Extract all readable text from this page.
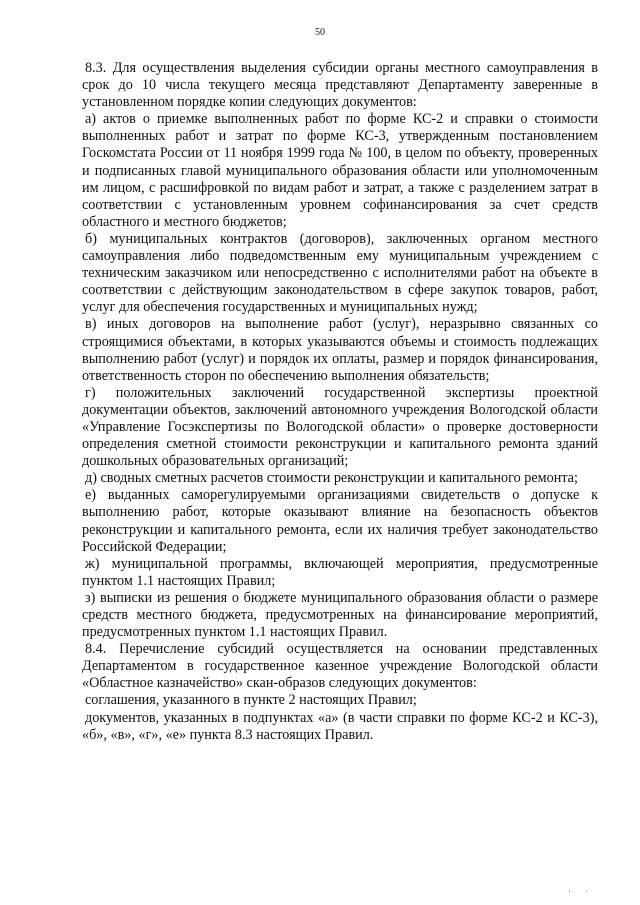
50

8.3. Для осуществления выделения субсидии органы местного самоуправления в срок до 10 числа текущего месяца представляют Департаменту заверенные в установленном порядке копии следующих документов:

а) актов о приемке выполненных работ по форме КС-2 и справки о стоимости выполненных работ и затрат по форме КС-3, утвержденным постановлением Госкомстата России от 11 ноября 1999 года № 100, в целом по объекту, проверенных и подписанных главой муниципального образования области или уполномоченным им лицом, с расшифровкой по видам работ и затрат, а также с разделением затрат в соответствии с установленным уровнем софинансирования за счет средств областного и местного бюджетов;

б) муниципальных контрактов (договоров), заключенных органом местного самоуправления либо подведомственным ему муниципальным учреждением с техническим заказчиком или непосредственно с исполнителями работ на объекте в соответствии с действующим законодательством в сфере закупок товаров, работ, услуг для обеспечения государственных и муниципальных нужд;

в) иных договоров на выполнение работ (услуг), неразрывно связанных со строящимися объектами, в которых указываются объемы и стоимость подлежащих выполнению работ (услуг) и порядок их оплаты, размер и порядок финансирования, ответственность сторон по обеспечению выполнения обязательств;

г) положительных заключений государственной экспертизы проектной документации объектов, заключений автономного учреждения Вологодской области «Управление Госэкспертизы по Вологодской области» о проверке достоверности определения сметной стоимости реконструкции и капитального ремонта зданий дошкольных образовательных организаций;

д) сводных сметных расчетов стоимости реконструкции и капитального ремонта;

е) выданных саморегулируемыми организациями свидетельств о допуске к выполнению работ, которые оказывают влияние на безопасность объектов реконструкции и капитального ремонта, если их наличия требует законодательство Российской Федерации;

ж) муниципальной программы, включающей мероприятия, предусмотренные пунктом 1.1 настоящих Правил;

з) выписки из решения о бюджете муниципального образования области о размере средств местного бюджета, предусмотренных на финансирование мероприятий, предусмотренных пунктом 1.1 настоящих Правил.

8.4. Перечисление субсидий осуществляется на основании представленных Департаментом в государственное казенное учреждение Вологодской области «Областное казначейство» скан-образов следующих документов:

соглашения, указанного в пункте 2 настоящих Правил;

документов, указанных в подпунктах «а» (в части справки по форме КС-2 и КС-3), «б», «в», «г», «е» пункта 8.3 настоящих Правил.

· ·
